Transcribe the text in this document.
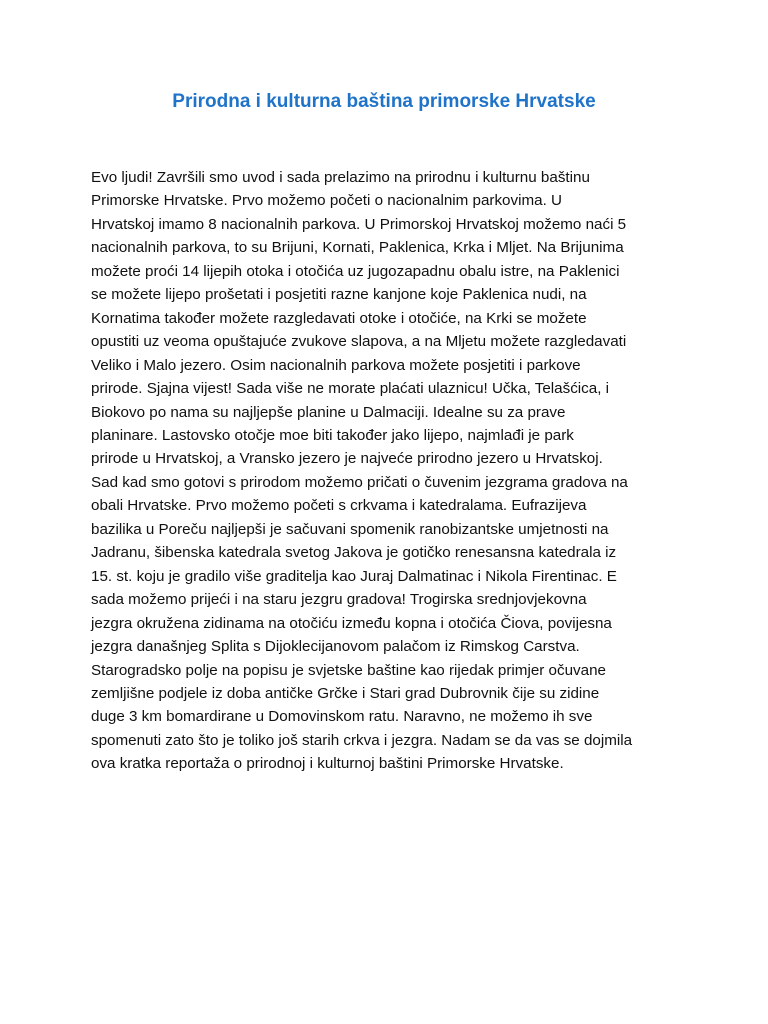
Prirodna i kulturna baština primorske Hrvatske
Evo ljudi! Završili smo uvod i sada prelazimo na prirodnu i kulturnu baštinu
Primorske Hrvatske. Prvo možemo početi o nacionalnim parkovima. U
Hrvatskoj imamo 8 nacionalnih parkova. U Primorskoj Hrvatskoj možemo naći 5
nacionalnih parkova, to su Brijuni, Kornati, Paklenica, Krka i Mljet. Na Brijunima
možete proći 14 lijepih otoka i otočića uz jugozapadnu obalu istre, na Paklenici
se možete lijepo prošetati i posjetiti razne kanjone koje Paklenica nudi, na
Kornatima također možete razgledavati otoke i otočiće, na Krki se možete
opustiti uz veoma opuštajuće zvukove slapova, a na Mljetu možete razgledavati
Veliko i Malo jezero. Osim nacionalnih parkova možete posjetiti i parkove
prirode. Sjajna vijest! Sada više ne morate plaćati ulaznicu! Učka, Telašćica, i
Biokovo po nama su najljepše planine u Dalmaciji. Idealne su za prave
planinare. Lastovsko otočje moe biti također jako lijepo, najmlađi je park
prirode u Hrvatskoj, a Vransko jezero je najveće prirodno jezero u Hrvatskoj.
Sad kad smo gotovi s prirodom možemo pričati o čuvenim jezgrama gradova na
obali Hrvatske. Prvo možemo početi s crkvama i katedralama. Eufrazijeva
bazilika u Poreču najljepši je sačuvani spomenik ranobizantske umjetnosti na
Jadranu, šibenska katedrala svetog Jakova je gotičko renesansna katedrala iz
15. st. koju je gradilo više graditelja kao Juraj Dalmatinac i Nikola Firentinac. E
sada možemo prijeći i na staru jezgru gradova! Trogirska srednjovjekovna
jezgra okružena zidinama na otočiću između kopna i otočića Čiova, povijesna
jezgra današnjeg Splita s Dijoklecijanovom palačom iz Rimskog Carstva.
Starogradsko polje na popisu je svjetske baštine kao rijedak primjer očuvane
zemljišne podjele iz doba antičke Grčke i Stari grad Dubrovnik čije su zidine
duge 3 km bomardirane u Domovinskom ratu. Naravno, ne možemo ih sve
spomenuti zato što je toliko još starih crkva i jezgra. Nadam se da vas se dojmila
ova kratka reportaža o prirodnoj i kulturnoj baštini Primorske Hrvatske.
